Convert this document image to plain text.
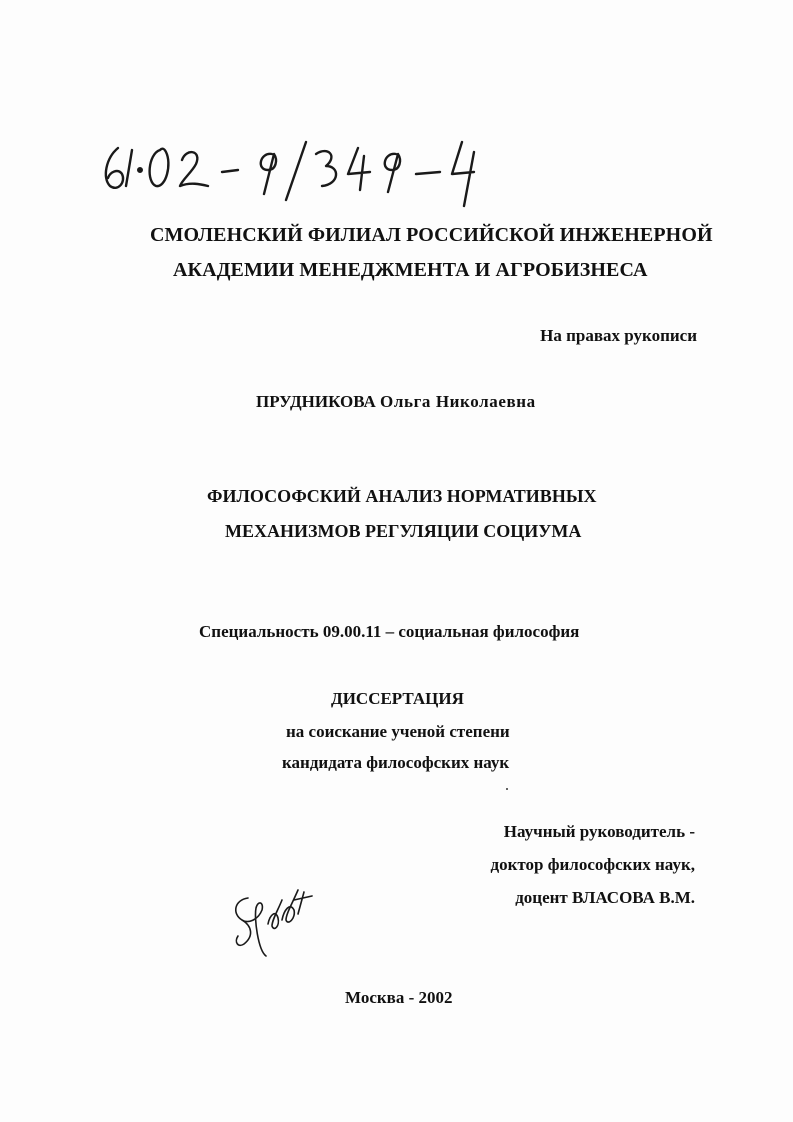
СМОЛЕНСКИЙ ФИЛИАЛ РОССИЙСКОЙ ИНЖЕНЕРНОЙ
АКАДЕМИИ МЕНЕДЖМЕНТА И АГРОБИЗНЕСА
На правах рукописи
ПРУДНИКОВА Ольга Николаевна
ФИЛОСОФСКИЙ АНАЛИЗ НОРМАТИВНЫХ
МЕХАНИЗМОВ РЕГУЛЯЦИИ СОЦИУМА
Специальность 09.00.11 – социальная философия
ДИССЕРТАЦИЯ
на соискание ученой степени
кандидата философских наук
Научный руководитель -
доктор философских наук,
доцент ВЛАСОВА В.М.
Москва - 2002
